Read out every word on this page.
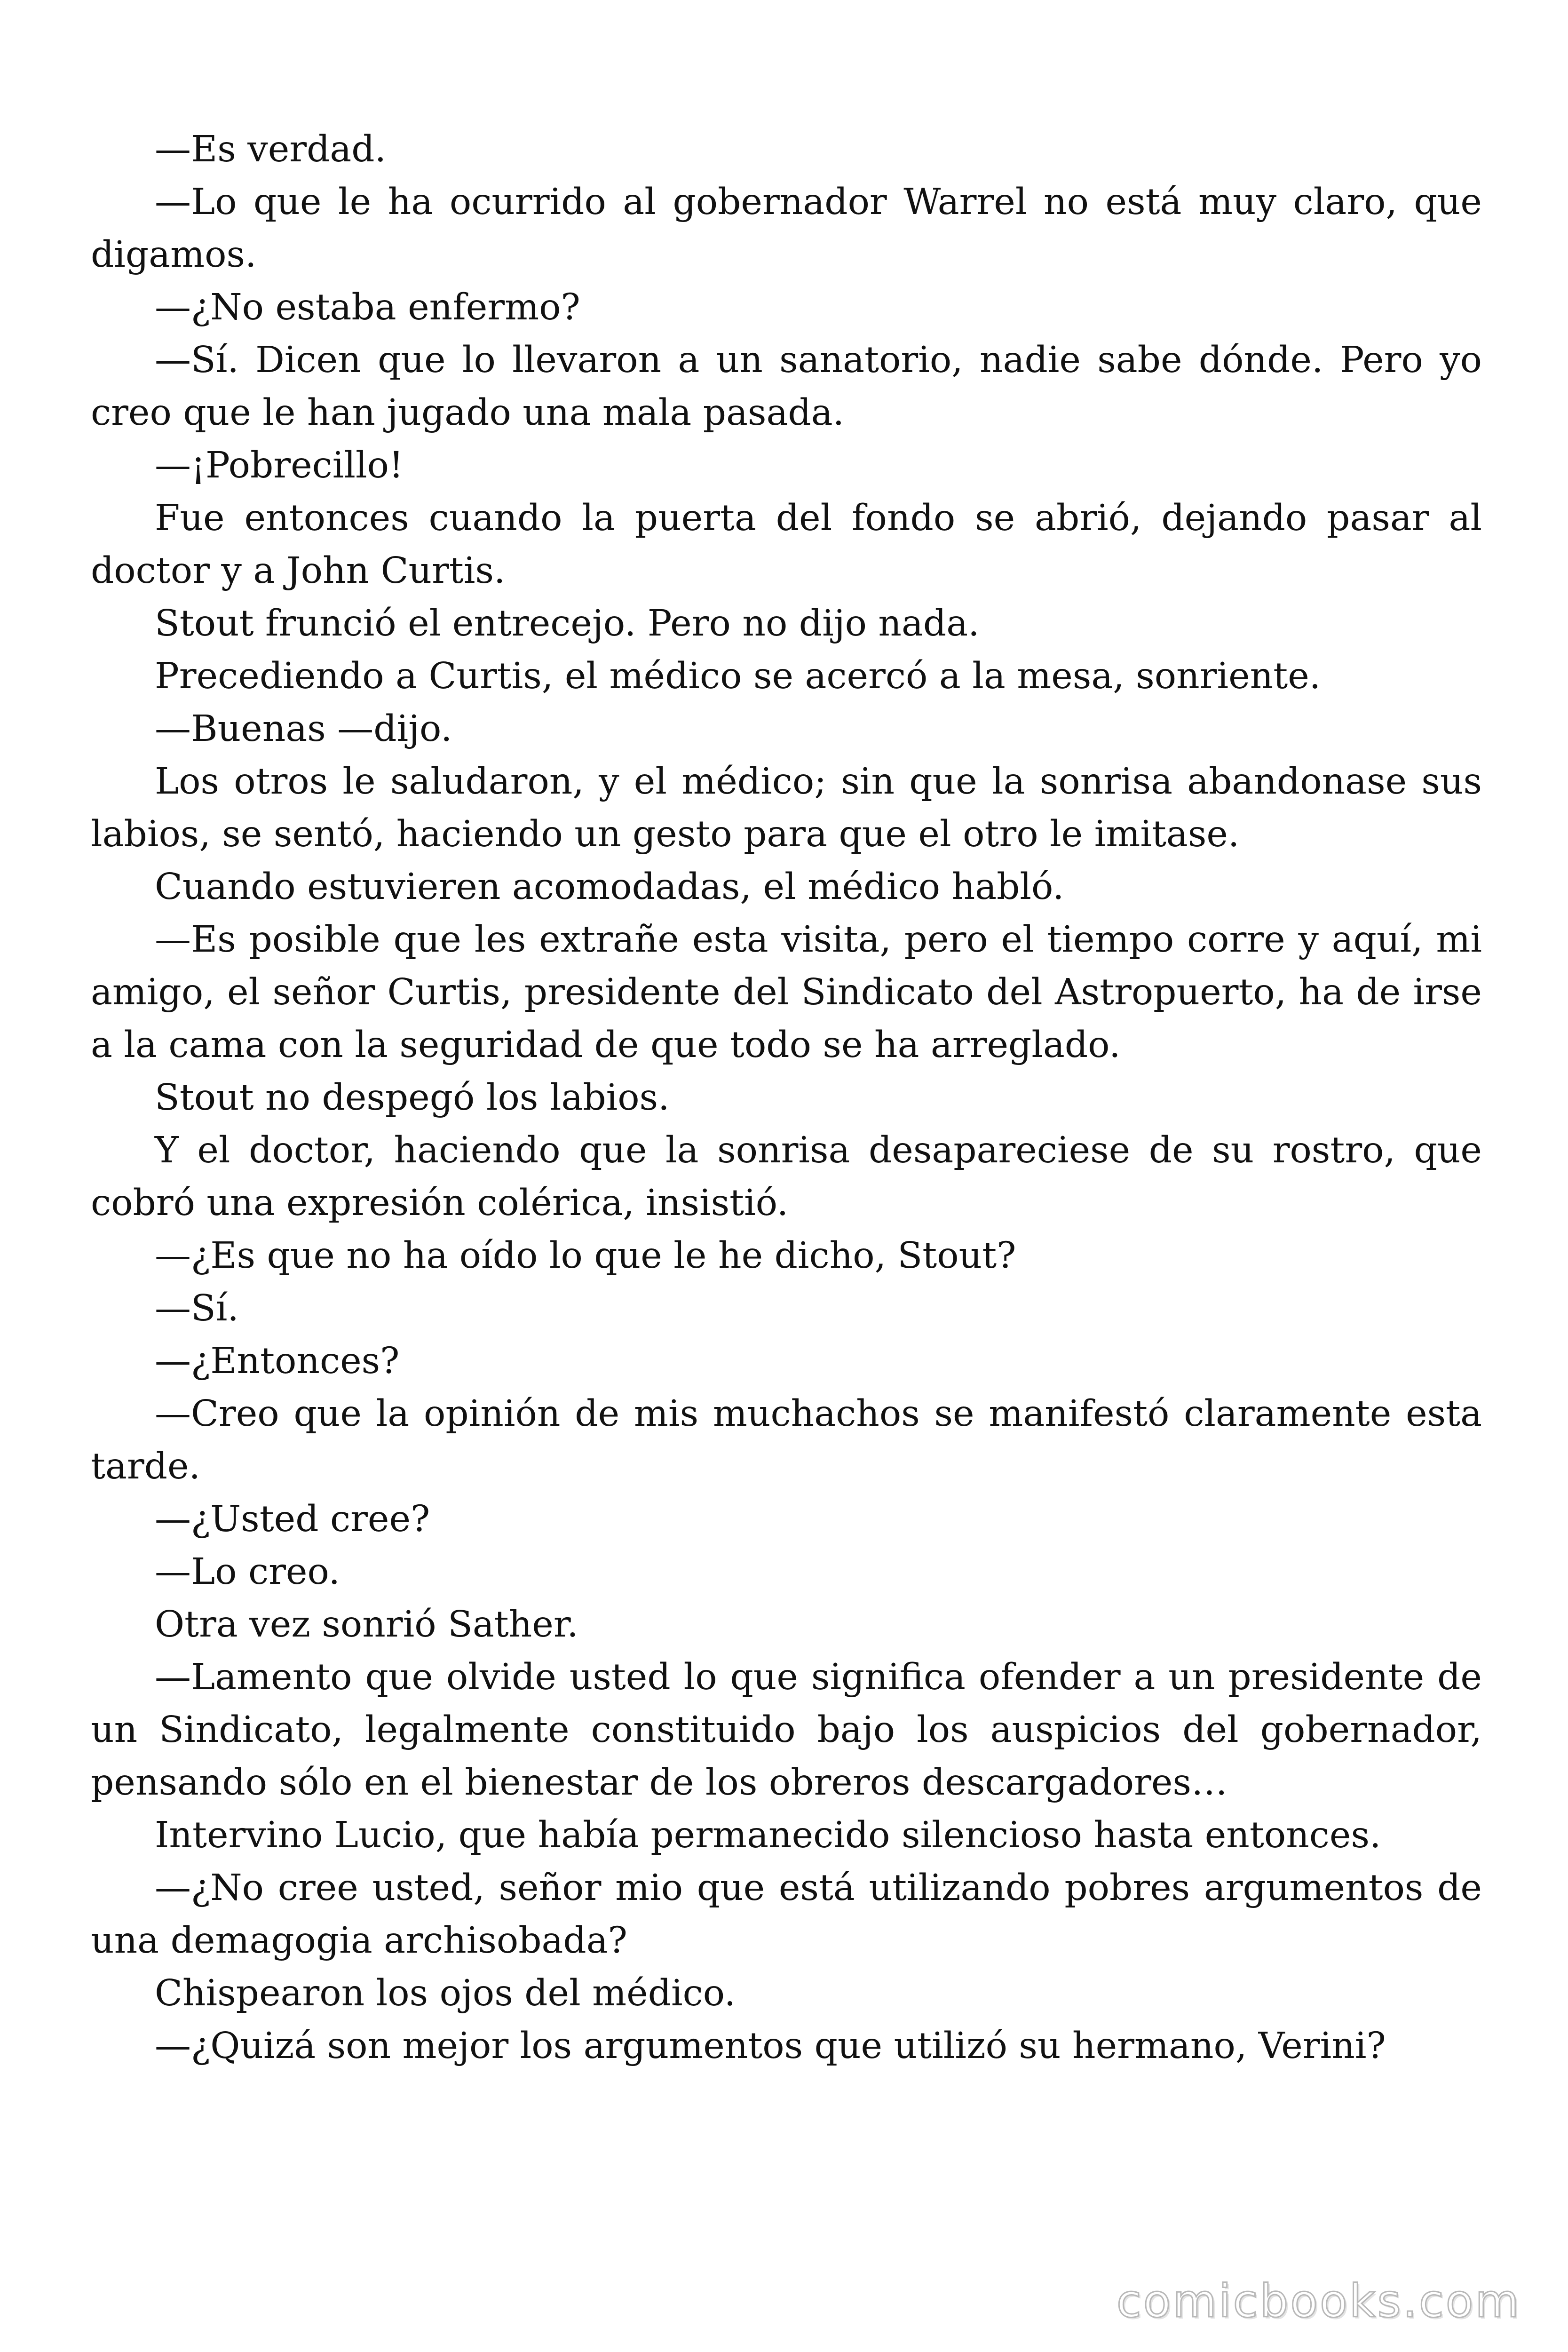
—Es verdad.

—Lo que le ha ocurrido al gobernador Warrel no está muy claro, que digamos.

—¿No estaba enfermo?

—Sí. Dicen que lo llevaron a un sanatorio, nadie sabe dónde. Pero yo creo que le han jugado una mala pasada.

—¡Pobrecillo!

Fue entonces cuando la puerta del fondo se abrió, dejando pasar al doctor y a John Curtis.

Stout frunció el entrecejo. Pero no dijo nada.

Precediendo a Curtis, el médico se acercó a la mesa, sonriente.

—Buenas —dijo.

Los otros le saludaron, y el médico; sin que la sonrisa abandonase sus labios, se sentó, haciendo un gesto para que el otro le imitase.

Cuando estuvieren acomodadas, el médico habló.

—Es posible que les extrañe esta visita, pero el tiempo corre y aquí, mi amigo, el señor Curtis, presidente del Sindicato del Astropuerto, ha de irse a la cama con la seguridad de que todo se ha arreglado.

Stout no despegó los labios.

Y el doctor, haciendo que la sonrisa desapareciese de su rostro, que cobró una expresión colérica, insistió.

—¿Es que no ha oído lo que le he dicho, Stout?

—Sí.

—¿Entonces?

—Creo que la opinión de mis muchachos se manifestó claramente esta tarde.

—¿Usted cree?

—Lo creo.

Otra vez sonrió Sather.

—Lamento que olvide usted lo que significa ofender a un presidente de un Sindicato, legalmente constituido bajo los auspicios del gobernador, pensando sólo en el bienestar de los obreros descargadores…

Intervino Lucio, que había permanecido silencioso hasta entonces.

—¿No cree usted, señor mio que está utilizando pobres argumentos de una demagogia archisobada?

Chispearon los ojos del médico.

—¿Quizá son mejor los argumentos que utilizó su hermano, Verini?

comicbooks.com
